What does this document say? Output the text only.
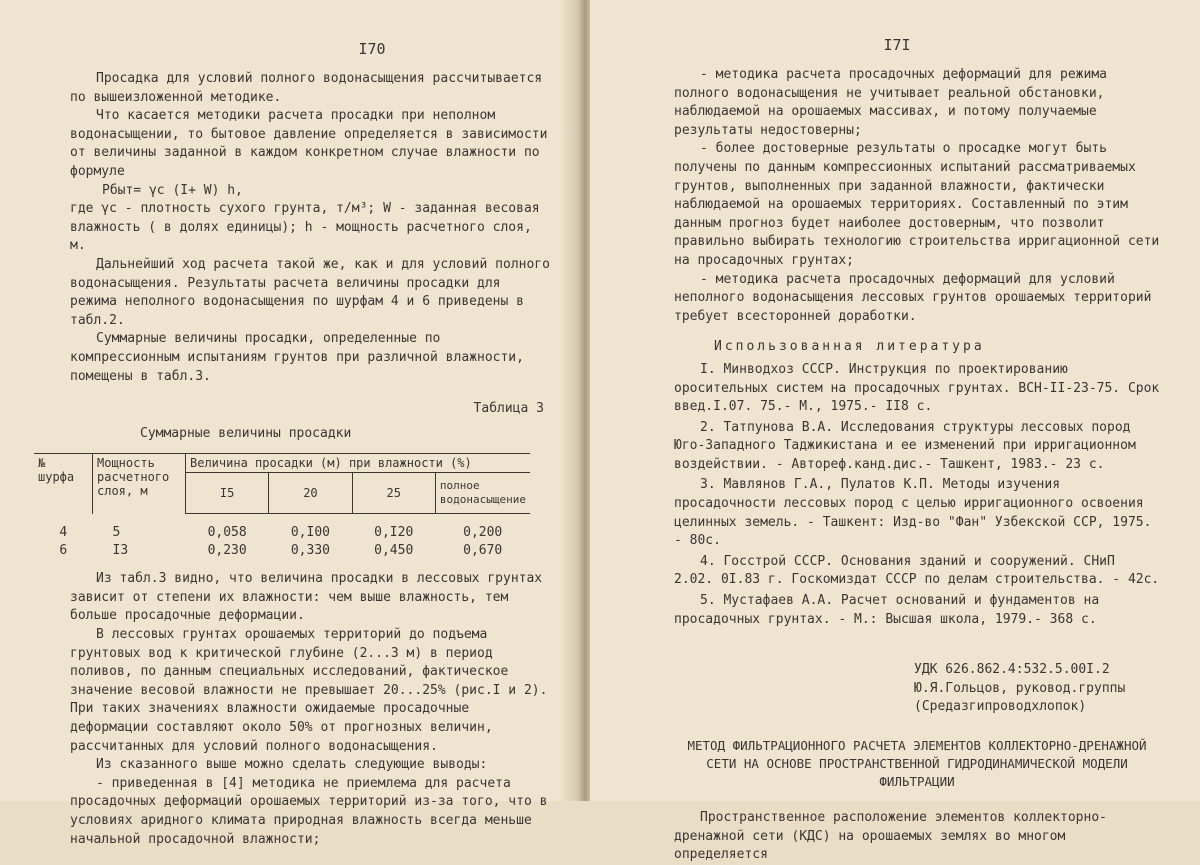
I70

Просадка для условий полного водонасыщения рассчитывается по вышеизложенной методике.

Что касается методики расчета просадки при неполном водонасыщении, то бытовое давление определяется в зависимости от величины заданной в каждом конкретном случае влажности по формуле

Pбыт= γc (I+ W) h,

где γc - плотность сухого грунта, т/м³; W - заданная весовая влажность ( в долях единицы); h - мощность расчетного слоя, м.

Дальнейший ход расчета такой же, как и для условий полного водонасыщения. Результаты расчета величины просадки для режима неполного водонасыщения по шурфам 4 и 6 приведены в табл.2.

Суммарные величины просадки, определенные по компрессионным испытаниям грунтов при различной влажности, помещены в табл.3.

Таблица 3

Суммарные величины просадки

№ шурфа	Мощность расчетного слоя, м	Величина просадки (м) при влажности (%)			
		I5	20	25	полное водонасыщение
4	5	0,058	0,I00	0,I20	0,200
6	I3	0,230	0,330	0,450	0,670

Из табл.3 видно, что величина просадки в лессовых грунтах зависит от степени их влажности: чем выше влажность, тем больше просадочные деформации.

В лессовых грунтах орошаемых территорий до подъема грунтовых вод к критической глубине (2...3 м) в период поливов, по данным специальных исследований, фактическое значение весовой влажности не превышает 20...25% (рис.I и 2). При таких значениях влажности ожидаемые просадочные деформации составляют около 50% от прогнозных величин, рассчитанных для условий полного водонасыщения.

Из сказанного выше можно сделать следующие выводы:

- приведенная в [4] методика не приемлема для расчета просадочных деформаций орошаемых территорий из-за того, что в условиях аридного климата природная влажность всегда меньше начальной просадочной влажности;

I7I

- методика расчета просадочных деформаций для режима полного водонасыщения не учитывает реальной обстановки, наблюдаемой на орошаемых массивах, и потому получаемые результаты недостоверны;

- более достоверные результаты о просадке могут быть получены по данным компрессионных испытаний рассматриваемых грунтов, выполненных при заданной влажности, фактически наблюдаемой на орошаемых территориях. Составленный по этим данным прогноз будет наиболее достоверным, что позволит правильно выбирать технологию строительства ирригационной сети на просадочных грунтах;

- методика расчета просадочных деформаций для условий неполного водонасыщения лессовых грунтов орошаемых территорий требует всесторонней доработки.

Использованная литература

I. Минводхоз СССР. Инструкция по проектированию оросительных систем на просадочных грунтах. ВСН-II-23-75. Срок введ.I.07. 75.- М., 1975.- II8 с.

2. Татпунова В.А. Исследования структуры лессовых пород Юго-Западного Таджикистана и ее изменений при ирригационном воздействии. - Автореф.канд.дис.- Ташкент, 1983.- 23 с.

3. Мавлянов Г.А., Пулатов К.П. Методы изучения просадочности лессовых пород с целью ирригационного освоения целинных земель. - Ташкент: Изд-во "Фан" Узбекской ССР, 1975. - 80с.

4. Госстрой СССР. Основания зданий и сооружений. СНиП 2.02. 0I.83 г. Госкомиздат СССР по делам строительства. - 42с.

5. Мустафаев А.А. Расчет оснований и фундаментов на просадочных грунтах. - М.: Высшая школа, 1979.- 368 с.

УДК 626.862.4:532.5.00I.2

Ю.Я.Гольцов, руковод.группы

(Средазгипроводхлопок)

МЕТОД ФИЛЬТРАЦИОННОГО РАСЧЕТА ЭЛЕМЕНТОВ КОЛЛЕКТОРНО-ДРЕНАЖНОЙ СЕТИ НА ОСНОВЕ ПРОСТРАНСТВЕННОЙ ГИДРОДИНАМИЧЕСКОЙ МОДЕЛИ ФИЛЬТРАЦИИ

Пространственное расположение элементов коллекторно-дренажной сети (КДС) на орошаемых землях во многом определяется
